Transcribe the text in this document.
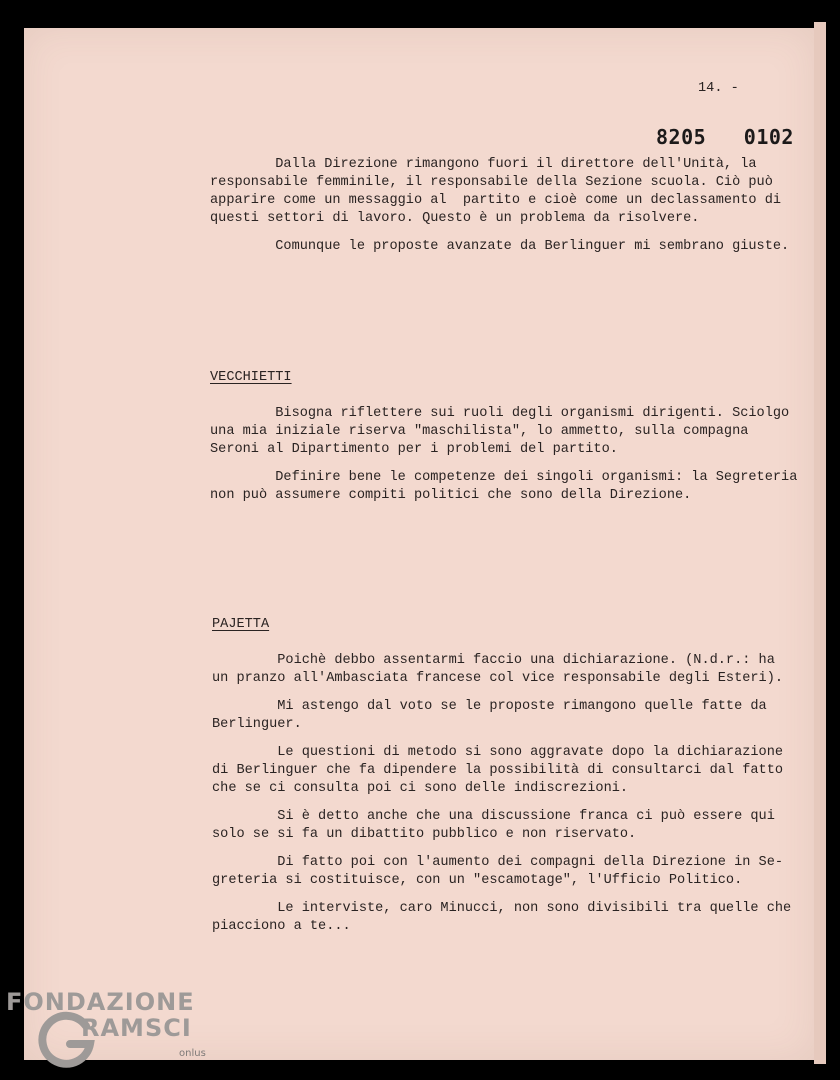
14. -
8205   0102
Dalla Direzione rimangono fuori il direttore dell'Unità, la
responsabile femminile, il responsabile della Sezione scuola. Ciò può
apparire come un messaggio al  partito e cioè come un declassamento di
questi settori di lavoro. Questo è un problema da risolvere.
Comunque le proposte avanzate da Berlinguer mi sembrano giuste.
VECCHIETTI
Bisogna riflettere sui ruoli degli organismi dirigenti. Sciolgo
una mia iniziale riserva "maschilista", lo ammetto, sulla compagna
Seroni al Dipartimento per i problemi del partito.
Definire bene le competenze dei singoli organismi: la Segreteria
non può assumere compiti politici che sono della Direzione.
PAJETTA
Poichè debbo assentarmi faccio una dichiarazione. (N.d.r.: ha
un pranzo all'Ambasciata francese col vice responsabile degli Esteri).
Mi astengo dal voto se le proposte rimangono quelle fatte da
Berlinguer.
Le questioni di metodo si sono aggravate dopo la dichiarazione
di Berlinguer che fa dipendere la possibilità di consultarci dal fatto
che se ci consulta poi ci sono delle indiscrezioni.
Si è detto anche che una discussione franca ci può essere qui
solo se si fa un dibattito pubblico e non riservato.
Di fatto poi con l'aumento dei compagni della Direzione in Se-
greteria si costituisce, con un "escamotage", l'Ufficio Politico.
Le interviste, caro Minucci, non sono divisibili tra quelle che
piacciono a te...
FONDAZIONE
RAMSCI
onlus
